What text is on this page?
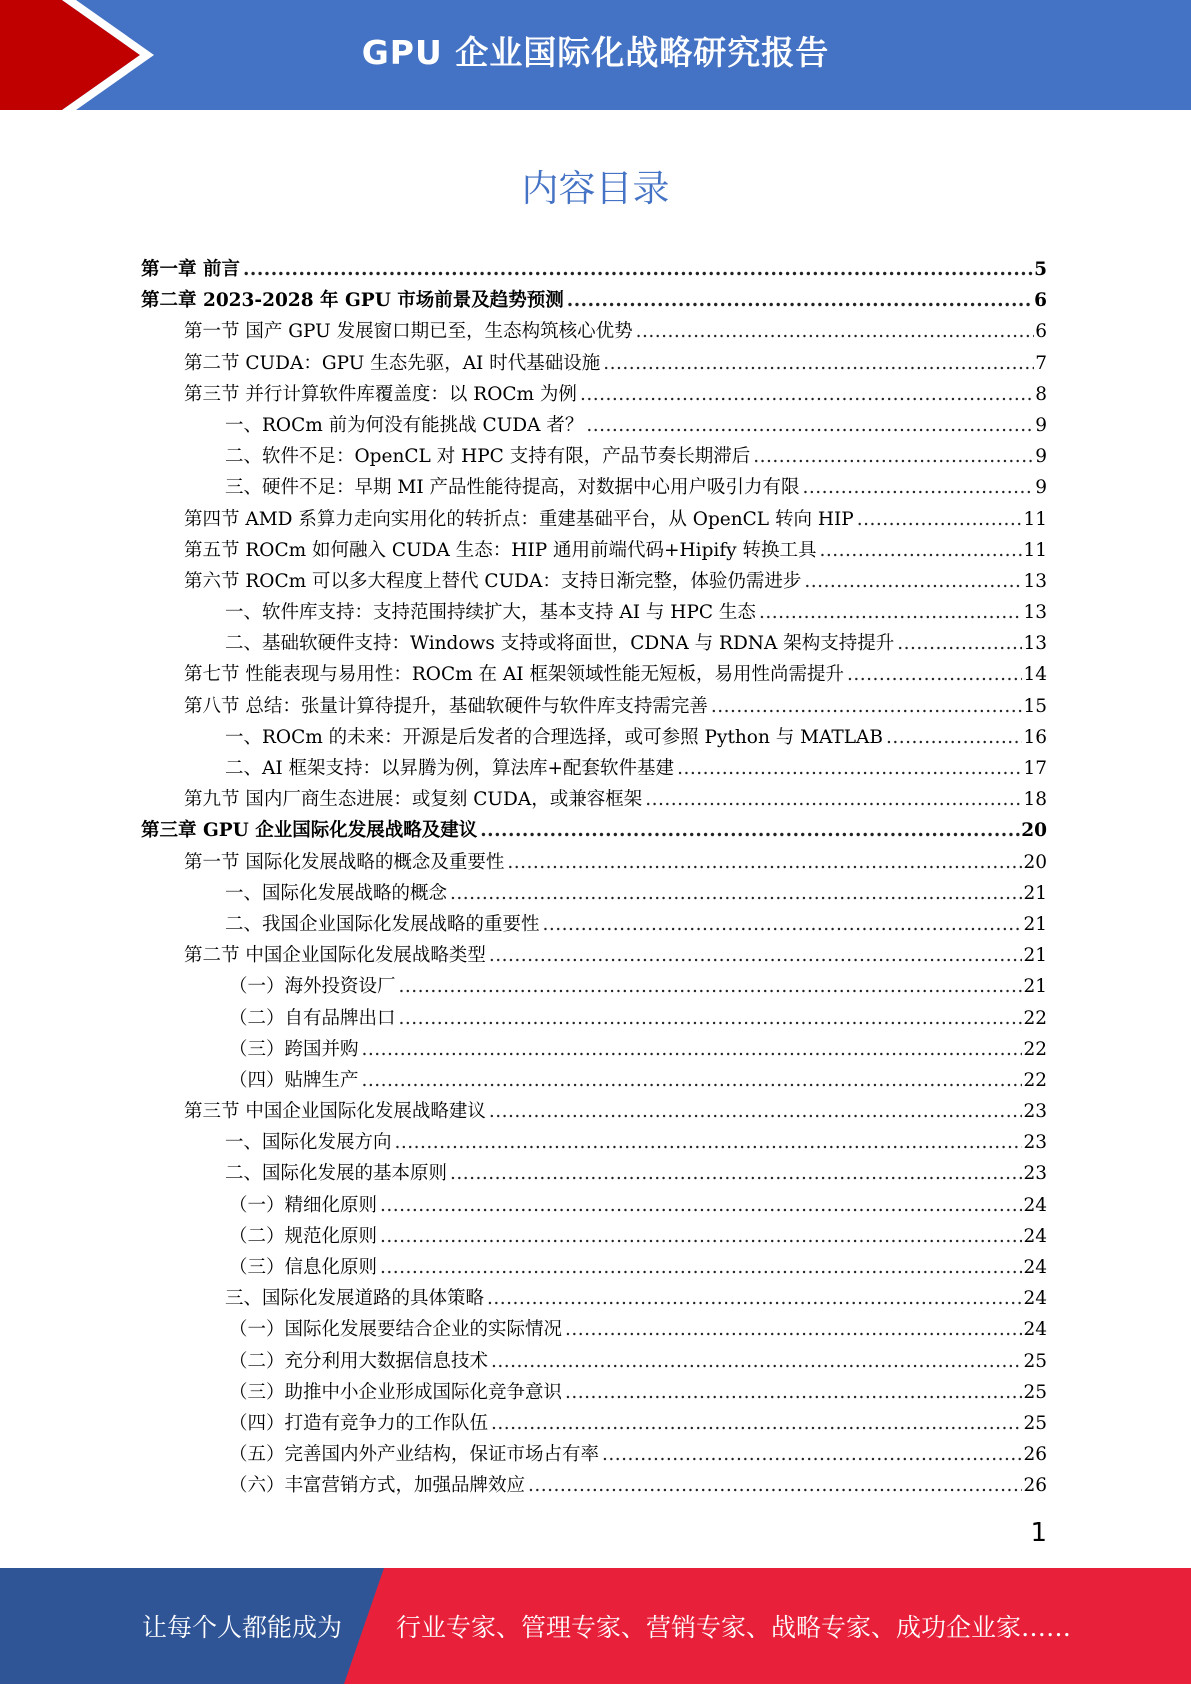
GPU 企业国际化战略研究报告
内容目录
第一章 前言 .....	5
第二章 2023-2028 年 GPU 市场前景及趋势预测 .....	6
第一节 国产 GPU 发展窗口期已至，生态构筑核心优势 .....	6
第二节 CUDA：GPU 生态先驱，AI 时代基础设施 .....	7
第三节 并行计算软件库覆盖度：以 ROCm 为例 .....	8
一、ROCm 前为何没有能挑战 CUDA 者？ .....	9
二、软件不足：OpenCL 对 HPC 支持有限，产品节奏长期滞后 .....	9
三、硬件不足：早期 MI 产品性能待提高，对数据中心用户吸引力有限 .....	9
第四节 AMD 系算力走向实用化的转折点：重建基础平台，从 OpenCL 转向 HIP .....	11
第五节 ROCm 如何融入 CUDA 生态：HIP 通用前端代码+Hipify 转换工具 .....	11
第六节 ROCm 可以多大程度上替代 CUDA：支持日渐完整，体验仍需进步 .....	13
一、软件库支持：支持范围持续扩大，基本支持 AI 与 HPC 生态 .....	13
二、基础软硬件支持：Windows 支持或将面世，CDNA 与 RDNA 架构支持提升 .....	13
第七节 性能表现与易用性：ROCm 在 AI 框架领域性能无短板，易用性尚需提升 .....	14
第八节 总结：张量计算待提升，基础软硬件与软件库支持需完善 .....	15
一、ROCm 的未来：开源是后发者的合理选择，或可参照 Python 与 MATLAB .....	16
二、AI 框架支持：以昇腾为例，算法库+配套软件基建 .....	17
第九节 国内厂商生态进展：或复刻 CUDA，或兼容框架 .....	18
第三章 GPU 企业国际化发展战略及建议 .....	20
第一节 国际化发展战略的概念及重要性 .....	20
一、国际化发展战略的概念 .....	21
二、我国企业国际化发展战略的重要性 .....	21
第二节 中国企业国际化发展战略类型 .....	21
（一）海外投资设厂 .....	21
（二）自有品牌出口 .....	22
（三）跨国并购 .....	22
（四）贴牌生产 .....	22
第三节 中国企业国际化发展战略建议 .....	23
一、国际化发展方向 .....	23
二、国际化发展的基本原则 .....	23
（一）精细化原则 .....	24
（二）规范化原则 .....	24
（三）信息化原则 .....	24
三、国际化发展道路的具体策略 .....	24
（一）国际化发展要结合企业的实际情况 .....	24
（二）充分利用大数据信息技术 .....	25
（三）助推中小企业形成国际化竞争意识 .....	25
（四）打造有竞争力的工作队伍 .....	25
（五）完善国内外产业结构，保证市场占有率 .....	26
（六）丰富营销方式，加强品牌效应 .....	26
1
让每个人都能成为 行业专家、管理专家、营销专家、战略专家、成功企业家……
